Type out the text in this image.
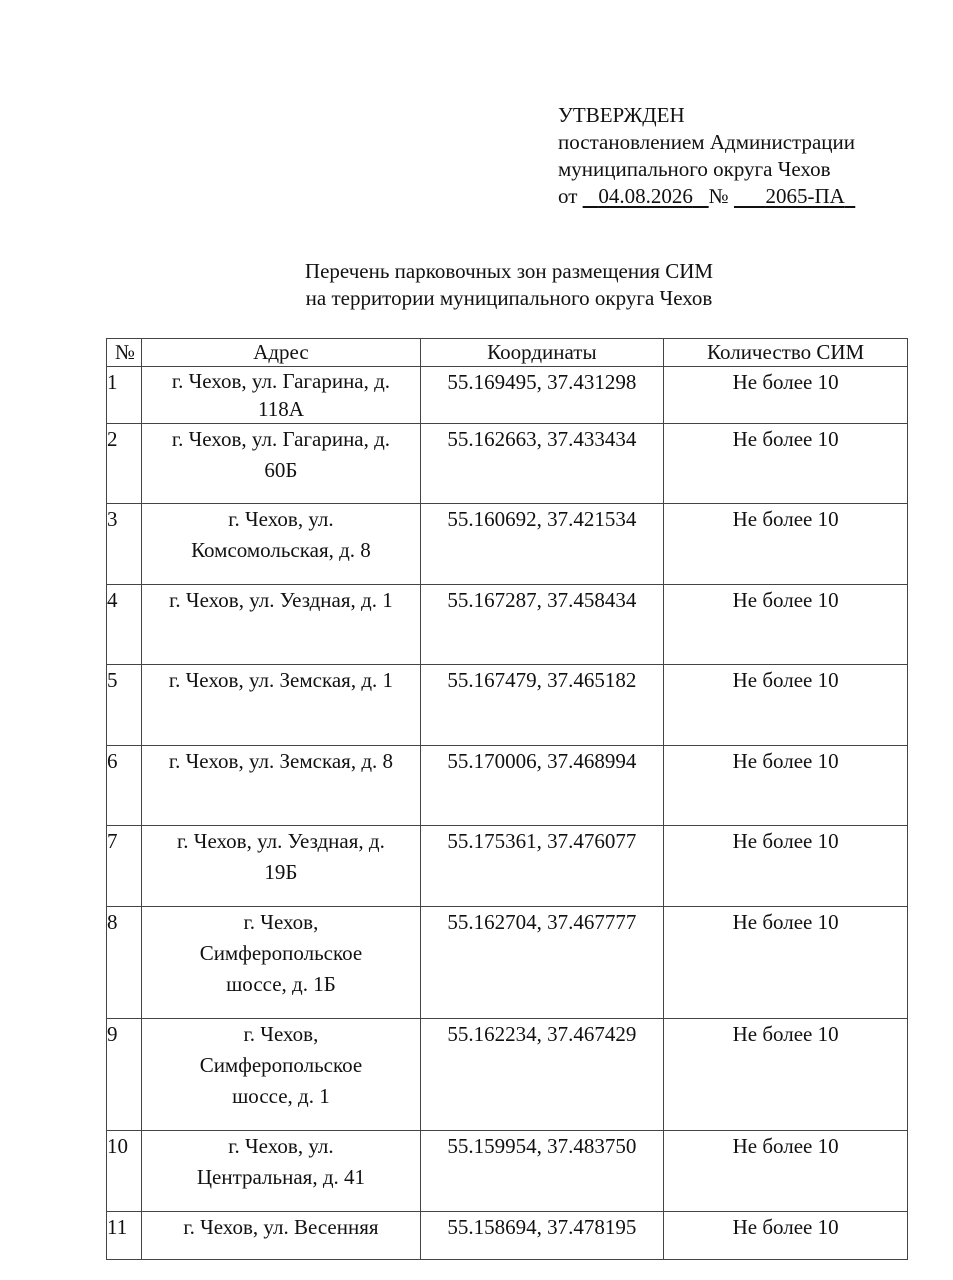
УТВЕРЖДЕН
постановлением Администрации
муниципального округа Чехов
от 04.08.2026 № 2065-ПА
Перечень парковочных зон размещения СИМ
на территории муниципального округа Чехов
№	Адрес	Координаты	Количество СИМ
1	г. Чехов, ул. Гагарина, д. 118А	55.169495, 37.431298	Не более 10
2	г. Чехов, ул. Гагарина, д. 60Б	55.162663, 37.433434	Не более 10
3	г. Чехов, ул. Комсомольская, д. 8	55.160692, 37.421534	Не более 10
4	г. Чехов, ул. Уездная, д. 1	55.167287, 37.458434	Не более 10
5	г. Чехов, ул. Земская, д. 1	55.167479, 37.465182	Не более 10
6	г. Чехов, ул. Земская, д. 8	55.170006, 37.468994	Не более 10
7	г. Чехов, ул. Уездная, д. 19Б	55.175361, 37.476077	Не более 10
8	г. Чехов, Симферопольское шоссе, д. 1Б	55.162704, 37.467777	Не более 10
9	г. Чехов, Симферопольское шоссе, д. 1	55.162234, 37.467429	Не более 10
10	г. Чехов, ул. Центральная, д. 41	55.159954, 37.483750	Не более 10
11	г. Чехов, ул. Весенняя	55.158694, 37.478195	Не более 10
